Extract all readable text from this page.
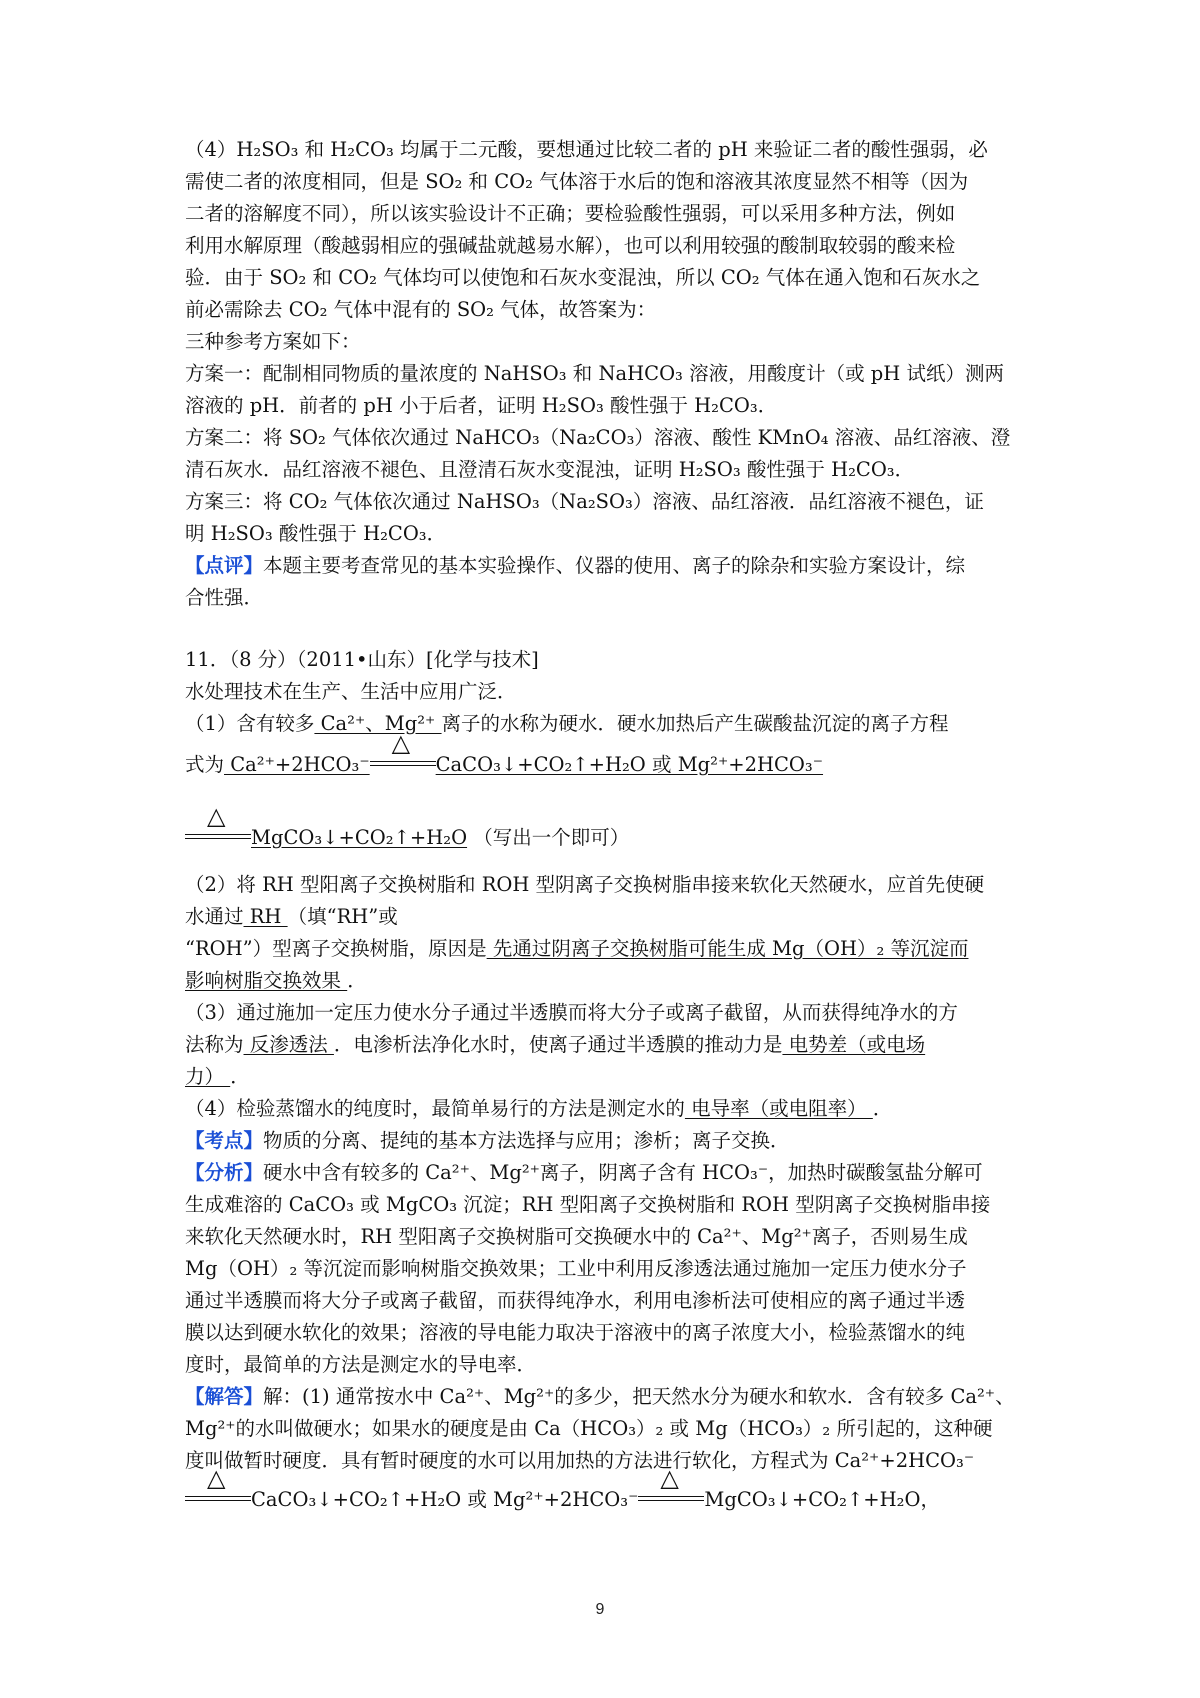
（4）H₂SO₃ 和 H₂CO₃ 均属于二元酸，要想通过比较二者的 pH 来验证二者的酸性强弱，必
需使二者的浓度相同，但是 SO₂ 和 CO₂ 气体溶于水后的饱和溶液其浓度显然不相等（因为
二者的溶解度不同），所以该实验设计不正确；要检验酸性强弱，可以采用多种方法，例如
利用水解原理（酸越弱相应的强碱盐就越易水解），也可以利用较强的酸制取较弱的酸来检
验．由于 SO₂ 和 CO₂ 气体均可以使饱和石灰水变混浊，所以 CO₂ 气体在通入饱和石灰水之
前必需除去 CO₂ 气体中混有的 SO₂ 气体，故答案为：
三种参考方案如下：
方案一：配制相同物质的量浓度的 NaHSO₃ 和 NaHCO₃ 溶液，用酸度计（或 pH 试纸）测两
溶液的 pH．前者的 pH 小于后者，证明 H₂SO₃ 酸性强于 H₂CO₃．
方案二：将 SO₂ 气体依次通过 NaHCO₃（Na₂CO₃）溶液、酸性 KMnO₄ 溶液、品红溶液、澄
清石灰水．品红溶液不褪色、且澄清石灰水变混浊，证明 H₂SO₃ 酸性强于 H₂CO₃．
方案三：将 CO₂ 气体依次通过 NaHSO₃（Na₂SO₃）溶液、品红溶液．品红溶液不褪色，证
明 H₂SO₃ 酸性强于 H₂CO₃．
【点评】本题主要考查常见的基本实验操作、仪器的使用、离子的除杂和实验方案设计，综
合性强．
11．（8 分）（2011•山东）[化学与技术]
水处理技术在生产、生活中应用广泛．
（1）含有较多 Ca²⁺、Mg²⁺ 离子的水称为硬水．硬水加热后产生碳酸盐沉淀的离子方程
式为 Ca²⁺+2HCO₃⁻
△
CaCO₃↓+CO₂↑+H₂O 或 Mg²⁺+2HCO₃⁻
△
MgCO₃↓+CO₂↑+H₂O （写出一个即可）
（2）将 RH 型阳离子交换树脂和 ROH 型阴离子交换树脂串接来软化天然硬水，应首先使硬
水通过 RH （填“RH”或
“ROH”）型离子交换树脂，原因是 先通过阴离子交换树脂可能生成 Mg（OH）₂ 等沉淀而
影响树脂交换效果 ．
（3）通过施加一定压力使水分子通过半透膜而将大分子或离子截留，从而获得纯净水的方
法称为 反渗透法 ．电渗析法净化水时，使离子通过半透膜的推动力是 电势差（或电场
力） ．
（4）检验蒸馏水的纯度时，最简单易行的方法是测定水的 电导率（或电阻率） ．
【考点】物质的分离、提纯的基本方法选择与应用；渗析；离子交换．
【分析】硬水中含有较多的 Ca²⁺、Mg²⁺离子，阴离子含有 HCO₃⁻，加热时碳酸氢盐分解可
生成难溶的 CaCO₃ 或 MgCO₃ 沉淀；RH 型阳离子交换树脂和 ROH 型阴离子交换树脂串接
来软化天然硬水时，RH 型阳离子交换树脂可交换硬水中的 Ca²⁺、Mg²⁺离子，否则易生成
Mg（OH）₂ 等沉淀而影响树脂交换效果；工业中利用反渗透法通过施加一定压力使水分子
通过半透膜而将大分子或离子截留，而获得纯净水，利用电渗析法可使相应的离子通过半透
膜以达到硬水软化的效果；溶液的导电能力取决于溶液中的离子浓度大小，检验蒸馏水的纯
度时，最简单的方法是测定水的导电率．
【解答】解：(1) 通常按水中 Ca²⁺、Mg²⁺的多少，把天然水分为硬水和软水．含有较多 Ca²⁺、
Mg²⁺的水叫做硬水；如果水的硬度是由 Ca（HCO₃）₂ 或 Mg（HCO₃）₂ 所引起的，这种硬
度叫做暂时硬度．具有暂时硬度的水可以用加热的方法进行软化，方程式为 Ca²⁺+2HCO₃⁻
△
CaCO₃↓+CO₂↑+H₂O 或 Mg²⁺+2HCO₃⁻
△
MgCO₃↓+CO₂↑+H₂O，
9
